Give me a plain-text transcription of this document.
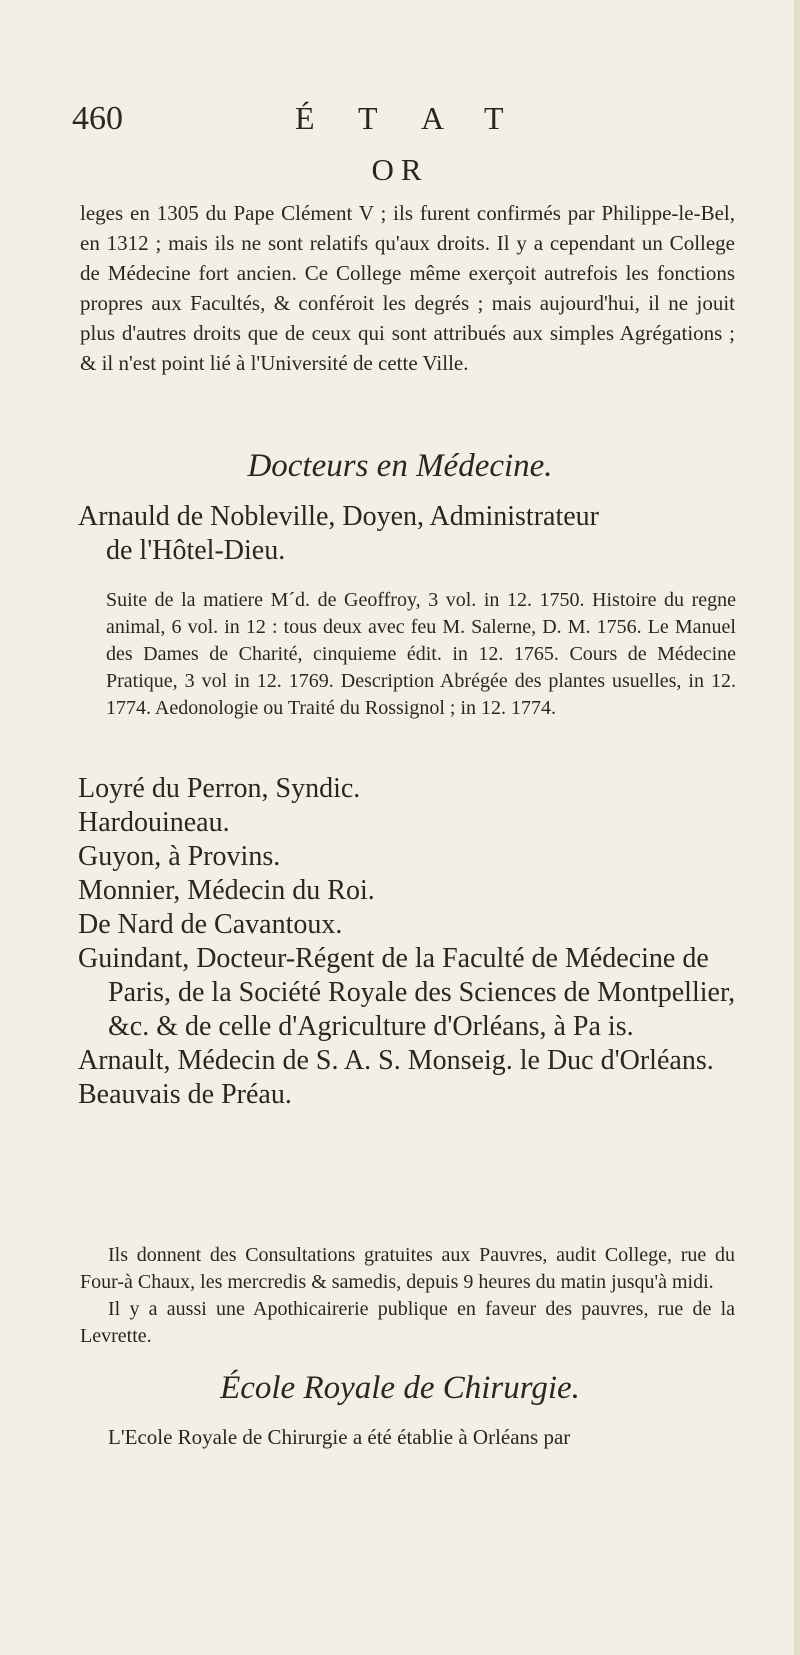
460	É T A T
OR
leges en 1305 du Pape Clément V ; ils furent confirmés par Philippe-le-Bel, en 1312 ; mais ils ne sont relatifs qu'aux droits. Il y a cependant un College de Médecine fort ancien. Ce College même exerçoit autrefois les fonctions propres aux Facultés, & conféroit les degrés ; mais aujourd'hui, il ne jouit plus d'autres droits que de ceux qui sont attribués aux simples Agrégations ; & il n'est point lié à l'Université de cette Ville.
Docteurs en Médecine.
Arnauld de Nobleville, Doyen, Administrateur
de l'Hôtel-Dieu.
Suite de la matiere M´d. de Geoffroy, 3 vol. in 12. 1750. Histoire du regne animal, 6 vol. in 12 : tous deux avec feu M. Salerne, D. M. 1756. Le Manuel des Dames de Charité, cinquieme édit. in 12. 1765. Cours de Médecine Pratique, 3 vol in 12. 1769. Description Abrégée des plantes usuelles, in 12. 1774. Aedonologie ou Traité du Rossignol ; in 12. 1774.
Loyré du Perron, Syndic.
Hardouineau.
Guyon, à Provins.
Monnier, Médecin du Roi.
De Nard de Cavantoux.
Guindant, Docteur-Régent de la Faculté de Médecine de Paris, de la Société Royale des Sciences de Montpellier, &c. & de celle d'Agriculture d'Orléans, à Pa is.
Arnault, Médecin de S. A. S. Monseig. le Duc d'Orléans.
Beauvais de Préau.

Ils donnent des Consultations gratuites aux Pauvres, audit College, rue du Four-à Chaux, les mercredis & samedis, depuis 9 heures du matin jusqu'à midi.

Il y a aussi une Apothicairerie publique en faveur des pauvres, rue de la Levrette.

École Royale de Chirurgie.
L'Ecole Royale de Chirurgie a été établie à Orléans par
